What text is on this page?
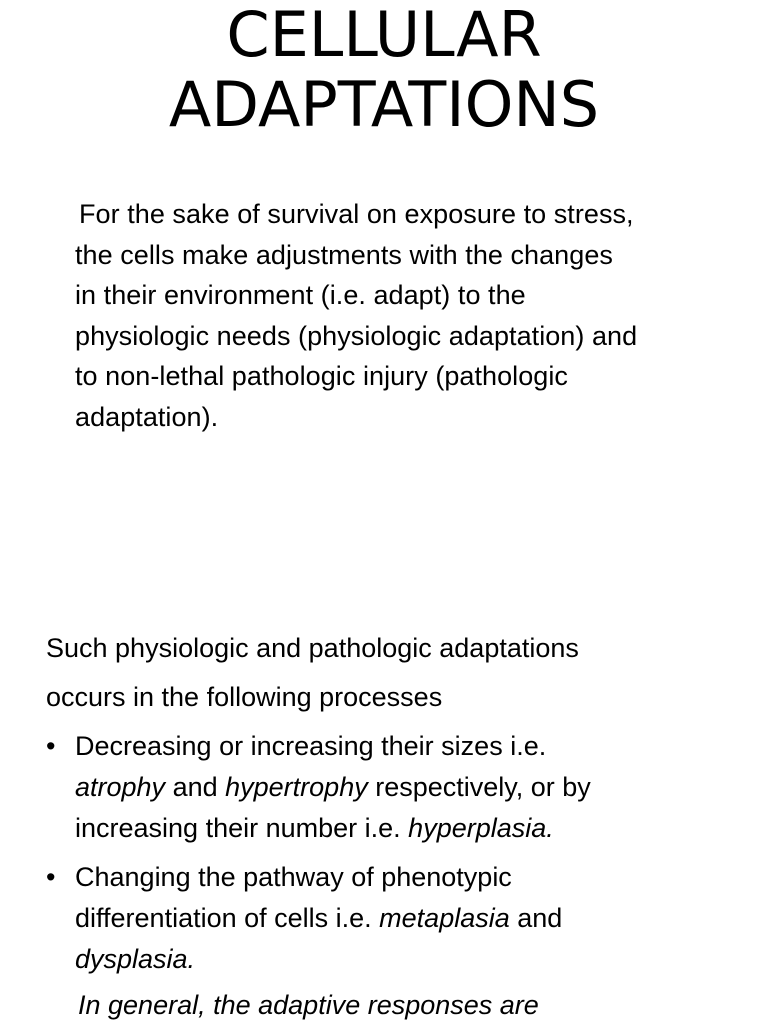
CELLULAR
ADAPTATIONS

For the sake of survival on exposure to stress,
the cells make adjustments with the changes
in their environment (i.e. adapt) to the
physiologic needs (physiologic adaptation) and
to non-lethal pathologic injury (pathologic
adaptation).

Such physiologic and pathologic adaptations
occurs in the following processes

• Decreasing or increasing their sizes i.e.
atrophy and hypertrophy respectively, or by
increasing their number i.e. hyperplasia.
• Changing the pathway of phenotypic
differentiation of cells i.e. metaplasia and
dysplasia.

In general, the adaptive responses are
